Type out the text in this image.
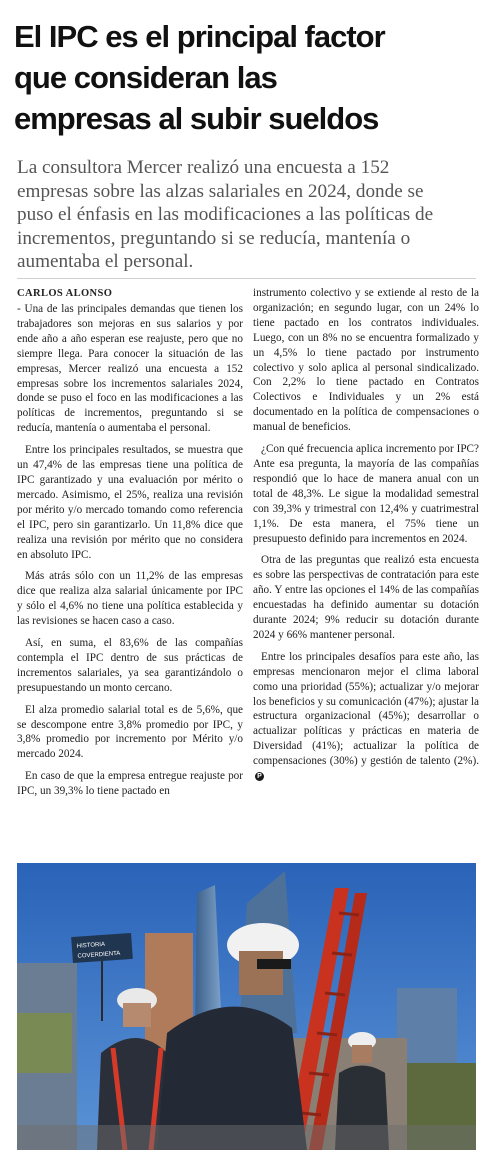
El IPC es el principal factor
que consideran las
empresas al subir sueldos
La consultora Mercer realizó una encuesta a 152
empresas sobre las alzas salariales en 2024, donde se
puso el énfasis en las modificaciones a las políticas de
incrementos, preguntando si se reducía, mantenía o
aumentaba el personal.
CARLOS ALONSO

- Una de las principales demandas que tienen los trabajadores son mejoras en sus salarios y por ende año a año esperan ese reajuste, pero que no siempre llega. Para conocer la situación de las empresas, Mercer realizó una encuesta a 152 empresas sobre los incrementos salariales 2024, donde se puso el foco en las modificaciones a las políticas de incrementos, preguntando si se reducía, mantenía o aumentaba el personal.

Entre los principales resultados, se muestra que un 47,4% de las empresas tiene una política de IPC garantizado y una evaluación por mérito o mercado. Asimismo, el 25%, realiza una revisión por mérito y/o mercado tomando como referencia el IPC, pero sin garantizarlo. Un 11,8% dice que realiza una revisión por mérito que no considera en absoluto IPC.

Más atrás sólo con un 11,2% de las empresas dice que realiza alza salarial únicamente por IPC y sólo el 4,6% no tiene una política establecida y las revisiones se hacen caso a caso.

Así, en suma, el 83,6% de las compañías contempla el IPC dentro de sus prácticas de incrementos salariales, ya sea garantizándolo o presupuestando un monto cercano.

El alza promedio salarial total es de 5,6%, que se descompone entre 3,8% promedio por IPC, y 3,8% promedio por incremento por Mérito y/o mercado 2024.

En caso de que la empresa entregue reajuste por IPC, un 39,3% lo tiene pactado en

instrumento colectivo y se extiende al resto de la organización; en segundo lugar, con un 24% lo tiene pactado en los contratos individuales. Luego, con un 8% no se encuentra formalizado y un 4,5% lo tiene pactado por instrumento colectivo y solo aplica al personal sindicalizado. Con 2,2% lo tiene pactado en Contratos Colectivos e Individuales y un 2% está documentado en la política de compensaciones o manual de beneficios.

¿Con qué frecuencia aplica incremento por IPC? Ante esa pregunta, la mayoría de las compañías respondió que lo hace de manera anual con un total de 48,3%. Le sigue la modalidad semestral con 39,3% y trimestral con 12,4% y cuatrimestral 1,1%. De esta manera, el 75% tiene un presupuesto definido para incrementos en 2024.

Otra de las preguntas que realizó esta encuesta es sobre las perspectivas de contratación para este año. Y entre las opciones el 14% de las compañías encuestadas ha definido aumentar su dotación durante 2024; 9% reducir su dotación durante 2024 y 66% mantener personal.

Entre los principales desafíos para este año, las empresas mencionaron mejor el clima laboral como una prioridad (55%); actualizar y/o mejorar los beneficios y su comunicación (47%); ajustar la estructura organizacional (45%); desarrollar o actualizar políticas y prácticas en materia de Diversidad (41%); actualizar la política de compensaciones (30%) y gestión de talento (2%).P

HISTORIA
COVERDIENTA
